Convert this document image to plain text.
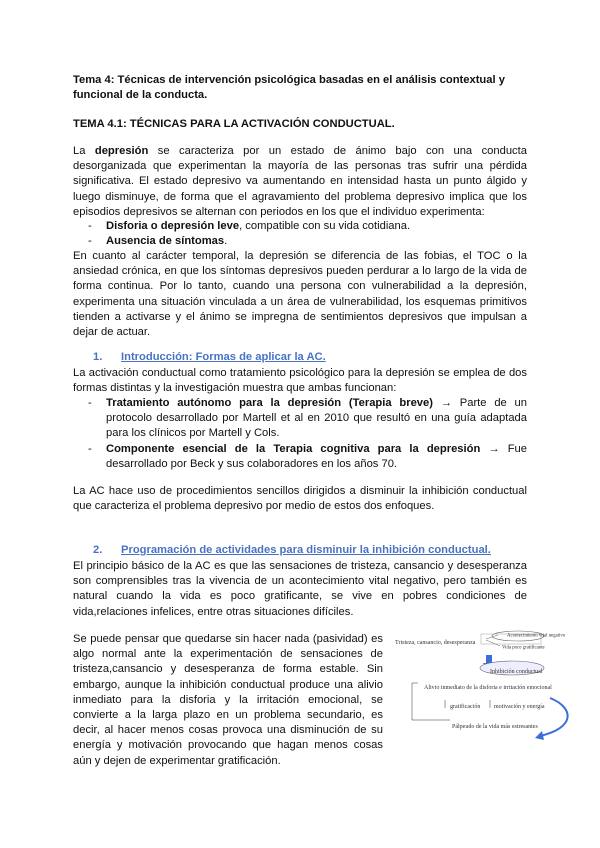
Tema 4: Técnicas de intervención psicológica basadas en el análisis contextual y
funcional de la conducta.
TEMA 4.1: TÉCNICAS PARA LA ACTIVACIÓN CONDUCTUAL.

La depresión se caracteriza por un estado de ánimo bajo con una conducta desorganizada que experimentan la mayoría de las personas tras sufrir una pérdida significativa. El estado depresivo va aumentando en intensidad hasta un punto álgido y luego disminuye, de forma que el agravamiento del problema depresivo implica que los episodios depresivos se alternan con periodos en los que el individuo experimenta:

- Disforia o depresión leve, compatible con su vida cotidiana.
- Ausencia de síntomas.

En cuanto al carácter temporal, la depresión se diferencia de las fobias, el TOC o la ansiedad crónica, en que los síntomas depresivos pueden perdurar a lo largo de la vida de forma continua. Por lo tanto, cuando una persona con vulnerabilidad a la depresión, experimenta una situación vinculada a un área de vulnerabilidad, los esquemas primitivos tienden a activarse y el ánimo se impregna de sentimientos depresivos que impulsan a dejar de actuar.

1. Introducción: Formas de aplicar la AC.

La activación conductual como tratamiento psicológico para la depresión se emplea de dos formas distintas y la investigación muestra que ambas funcionan:

- Tratamiento autónomo para la depresión (Terapia breve) → Parte de un protocolo desarrollado por Martell et al en 2010 que resultó en una guía adaptada para los clínicos por Martell y Cols.
- Componente esencial de la Terapia cognitiva para la depresión → Fue desarrollado por Beck y sus colaboradores en los años 70.

La AC hace uso de procedimientos sencillos dirigidos a disminuir la inhibición conductual que caracteriza el problema depresivo por medio de estos dos enfoques.

2. Programación de actividades para disminuir la inhibición conductual.

El principio básico de la AC es que las sensaciones de tristeza, cansancio y desesperanza son comprensibles tras la vivencia de un acontecimiento vital negativo, pero también es natural cuando la vida es poco gratificante, se vive en pobres condiciones de vida,relaciones infelices, entre otras situaciones difíciles.

Se puede pensar que quedarse sin hacer nada (pasividad) es algo normal ante la experimentación de sensaciones de tristeza,cansancio y desesperanza de forma estable. Sin embargo, aunque la inhibición conductual produce una alivio inmediato para la disforia y la irritación emocional, se convierte a la larga plazo en un problema secundario, es decir, al hacer menos cosas provoca una disminución de su energía y motivación provocando que hagan menos cosas aún y dejen de experimentar gratificación.

Tristeza, cansancio, desesperanza
Acontecimiento vital negativo
Vida poco gratificante
Inhibición conductual
Alivio inmediato de la disforia e irritación emocional
gratificación motivación y energía
Pálpeudo de la vida más estresantes
